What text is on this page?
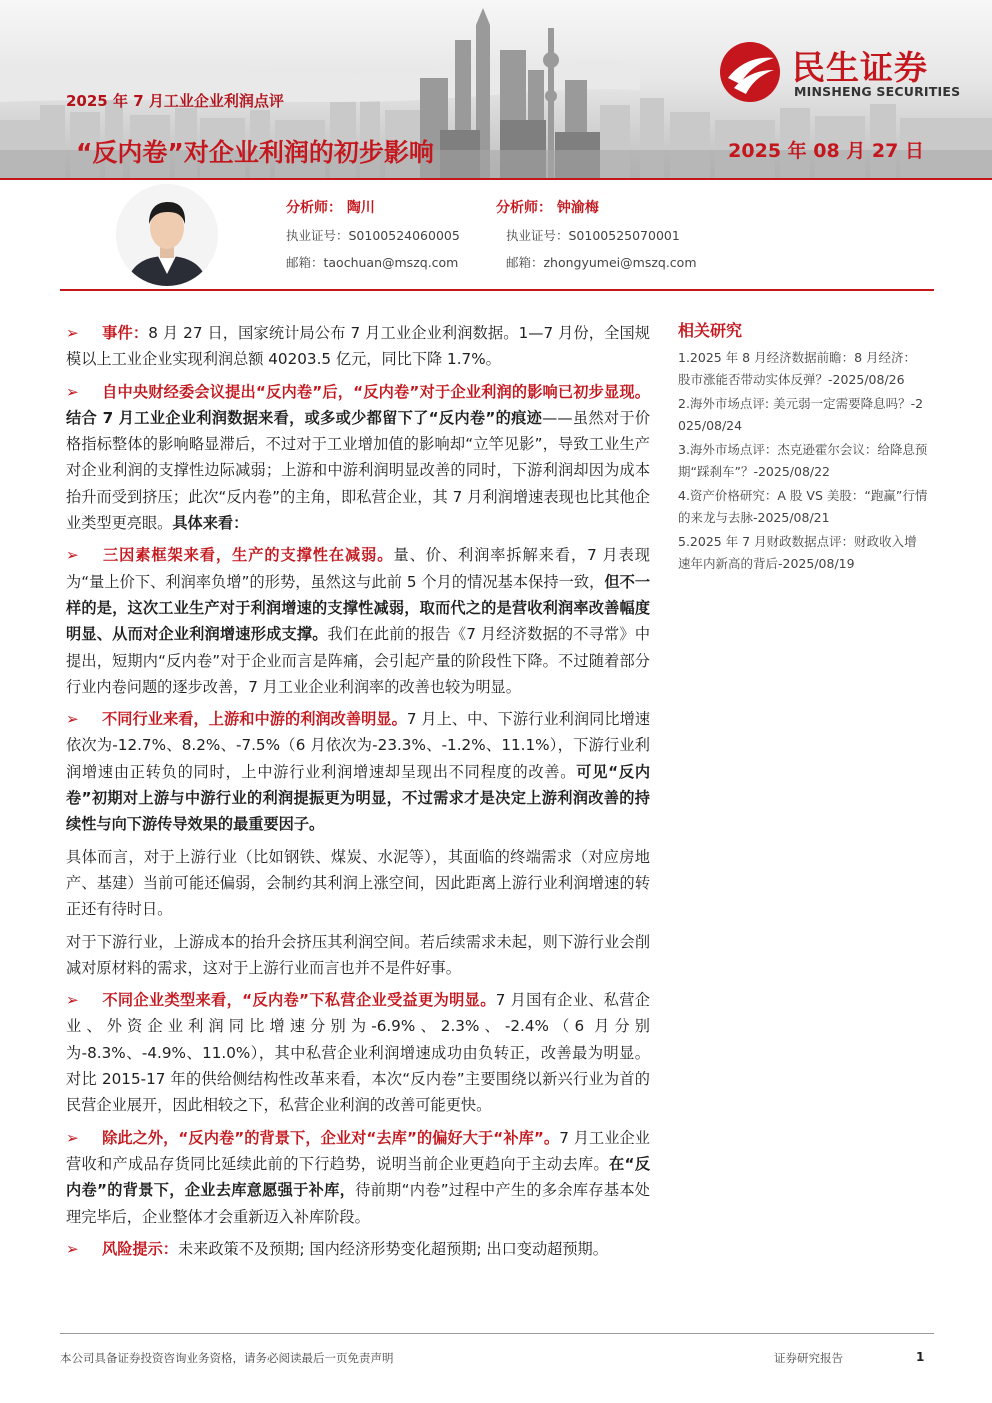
2025 年 7 月工业企业利润点评
“反内卷”对企业利润的初步影响	2025 年 08 月 27 日
民生证券
MINSHENG SECURITIES
分析师： 陶川
执业证号：S0100524060005
邮箱：taochuan@mszq.com
分析师： 钟渝梅
执业证号：S0100525070001
邮箱：zhongyumei@mszq.com

➢ 事件：8 月 27 日，国家统计局公布 7 月工业企业利润数据。1—7 月份，全国规模以上工业企业实现利润总额 40203.5 亿元，同比下降 1.7%。

➢ 自中央财经委会议提出“反内卷”后，“反内卷”对于企业利润的影响已初步显现。结合 7 月工业企业利润数据来看，或多或少都留下了“反内卷”的痕迹——虽然对于价格指标整体的影响略显滞后，不过对于工业增加值的影响却“立竿见影”，导致工业生产对企业利润的支撑性边际减弱；上游和中游利润明显改善的同时，下游利润却因为成本抬升而受到挤压；此次“反内卷”的主角，即私营企业，其 7 月利润增速表现也比其他企业类型更亮眼。具体来看：

➢ 三因素框架来看，生产的支撑性在减弱。量、价、利润率拆解来看，7 月表现为“量上价下、利润率负增”的形势，虽然这与此前 5 个月的情况基本保持一致，但不一样的是，这次工业生产对于利润增速的支撑性减弱，取而代之的是营收利润率改善幅度明显、从而对企业利润增速形成支撑。我们在此前的报告《7 月经济数据的不寻常》中提出，短期内“反内卷”对于企业而言是阵痛，会引起产量的阶段性下降。不过随着部分行业内卷问题的逐步改善，7 月工业企业利润率的改善也较为明显。

➢ 不同行业来看，上游和中游的利润改善明显。7 月上、中、下游行业利润同比增速依次为-12.7%、8.2%、-7.5%（6 月依次为-23.3%、-1.2%、11.1%），下游行业利润增速由正转负的同时，上中游行业利润增速却呈现出不同程度的改善。可见“反内卷”初期对上游与中游行业的利润提振更为明显，不过需求才是决定上游利润改善的持续性与向下游传导效果的最重要因子。

具体而言，对于上游行业（比如钢铁、煤炭、水泥等），其面临的终端需求（对应房地产、基建）当前可能还偏弱，会制约其利润上涨空间，因此距离上游行业利润增速的转正还有待时日。

对于下游行业，上游成本的抬升会挤压其利润空间。若后续需求未起，则下游行业会削减对原材料的需求，这对于上游行业而言也并不是件好事。

➢ 不同企业类型来看，“反内卷”下私营企业受益更为明显。7 月国有企业、私营企业、外资企业利润同比增速分别为-6.9%、2.3%、-2.4%（6 月分别为-8.3%、-4.9%、11.0%），其中私营企业利润增速成功由负转正，改善最为明显。对比 2015-17 年的供给侧结构性改革来看，本次“反内卷”主要围绕以新兴行业为首的民营企业展开，因此相较之下，私营企业利润的改善可能更快。

➢ 除此之外，“反内卷”的背景下，企业对“去库”的偏好大于“补库”。7 月工业企业营收和产成品存货同比延续此前的下行趋势，说明当前企业更趋向于主动去库。在“反内卷”的背景下，企业去库意愿强于补库，待前期“内卷”过程中产生的多余库存基本处理完毕后，企业整体才会重新迈入补库阶段。

➢ 风险提示：未来政策不及预期; 国内经济形势变化超预期; 出口变动超预期。

相关研究
1.2025 年 8 月经济数据前瞻：8 月经济：股市涨能否带动实体反弹？-2025/08/26
2.海外市场点评: 美元弱一定需要降息吗？-2025/08/24
3.海外市场点评：杰克逊霍尔会议：给降息预期“踩刹车”？-2025/08/22
4.资产价格研究：A 股 VS 美股：“跑赢”行情的来龙与去脉-2025/08/21
5.2025 年 7 月财政数据点评：财政收入增速年内新高的背后-2025/08/19
本公司具备证券投资咨询业务资格，请务必阅读最后一页免责声明	证券研究报告	1
